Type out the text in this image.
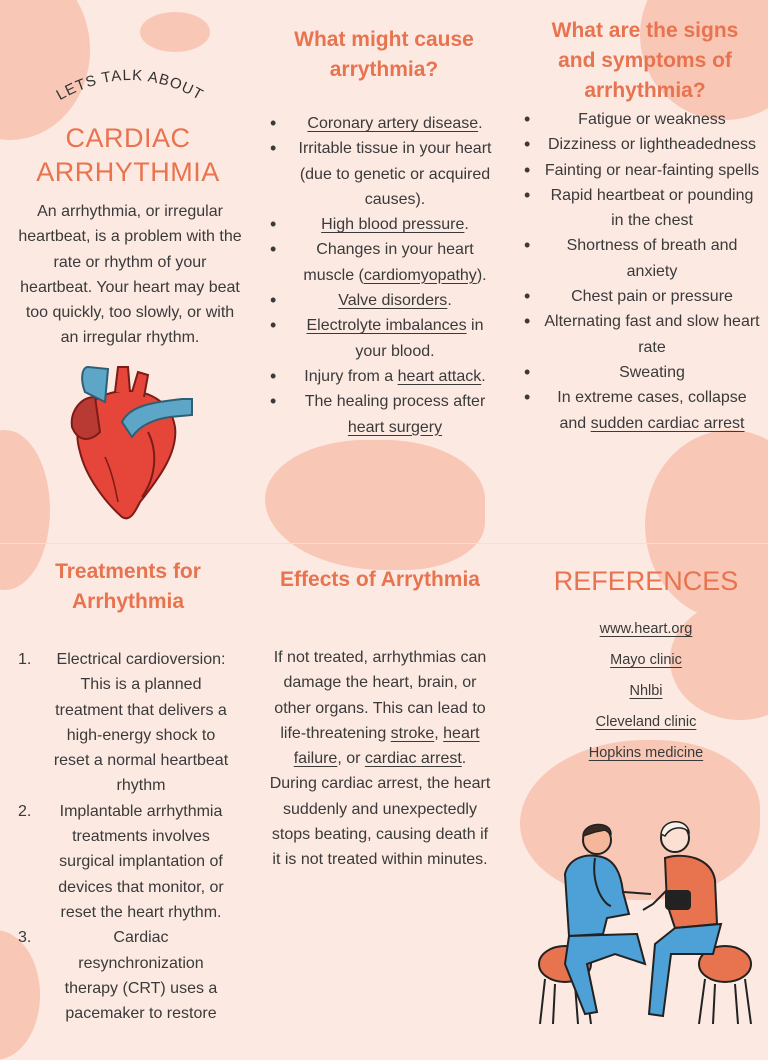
LETS TALK ABOUT
CARDIAC
ARRHYTHMIA

An arrhythmia, or irregular heartbeat, is a problem with the rate or rhythm of your heartbeat. Your heart may beat too quickly, too slowly, or with an irregular rhythm.

What might cause arrythmia?
• Coronary artery disease.
• Irritable tissue in your heart (due to genetic or acquired causes).
• High blood pressure.
• Changes in your heart muscle (cardiomyopathy).
• Valve disorders.
• Electrolyte imbalances in your blood.
• Injury from a heart attack.
• The healing process after heart surgery
What are the signs and symptoms of arrhythmia?
• Fatigue or weakness
• Dizziness or lightheadedness
• Fainting or near-fainting spells
• Rapid heartbeat or pounding in the chest
• Shortness of breath and anxiety
• Chest pain or pressure
• Alternating fast and slow heart rate
• Sweating
• In extreme cases, collapse and sudden cardiac arrest
Treatments for Arrhythmia
1. Electrical cardioversion: This is a planned treatment that delivers a high-energy shock to reset a normal heartbeat rhythm
2. Implantable arrhythmia treatments involves surgical implantation of devices that monitor, or reset the heart rhythm.
3.	Cardiac resynchronization therapy (CRT) uses a pacemaker to restore
Effects of Arrythmia

If not treated, arrhythmias can damage the heart, brain, or other organs. This can lead to life-threatening stroke, heart failure, or cardiac arrest. During cardiac arrest, the heart suddenly and unexpectedly stops beating, causing death if it is not treated within minutes.

REFERENCES
www.heart.org
Mayo clinic
Nhlbi
Cleveland clinic
Hopkins medicine
